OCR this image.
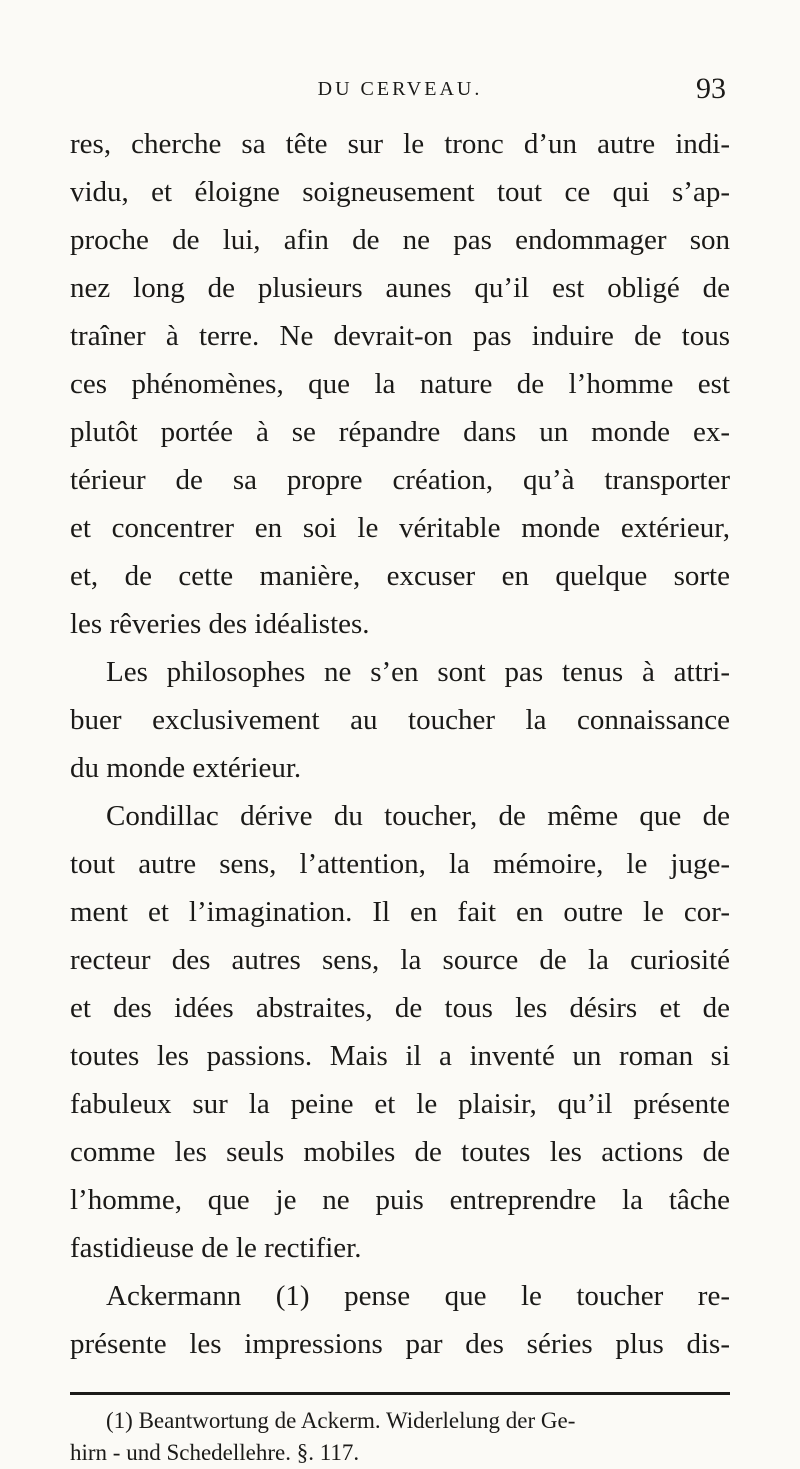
DU CERVEAU.	93
res, cherche sa tête sur le tronc d’un autre indi-
vidu, et éloigne soigneusement tout ce qui s’ap-
proche de lui, afin de ne pas endommager son
nez long de plusieurs aunes qu’il est obligé de
traîner à terre. Ne devrait-on pas induire de tous
ces phénomènes, que la nature de l’homme est
plutôt portée à se répandre dans un monde ex-
térieur de sa propre création, qu’à transporter
et concentrer en soi le véritable monde extérieur,
et, de cette manière, excuser en quelque sorte
les rêveries des idéalistes.
Les philosophes ne s’en sont pas tenus à attri-
buer exclusivement au toucher la connaissance
du monde extérieur.
Condillac dérive du toucher, de même que de
tout autre sens, l’attention, la mémoire, le juge-
ment et l’imagination. Il en fait en outre le cor-
recteur des autres sens, la source de la curiosité
et des idées abstraites, de tous les désirs et de
toutes les passions. Mais il a inventé un roman si
fabuleux sur la peine et le plaisir, qu’il présente
comme les seuls mobiles de toutes les actions de
l’homme, que je ne puis entreprendre la tâche
fastidieuse de le rectifier.
Ackermann (1) pense que le toucher re-
présente les impressions par des séries plus dis-
(1) Beantwortung de Ackerm. Widerlelung der Ge-
hirn - und Schedellehre. §. 117.
